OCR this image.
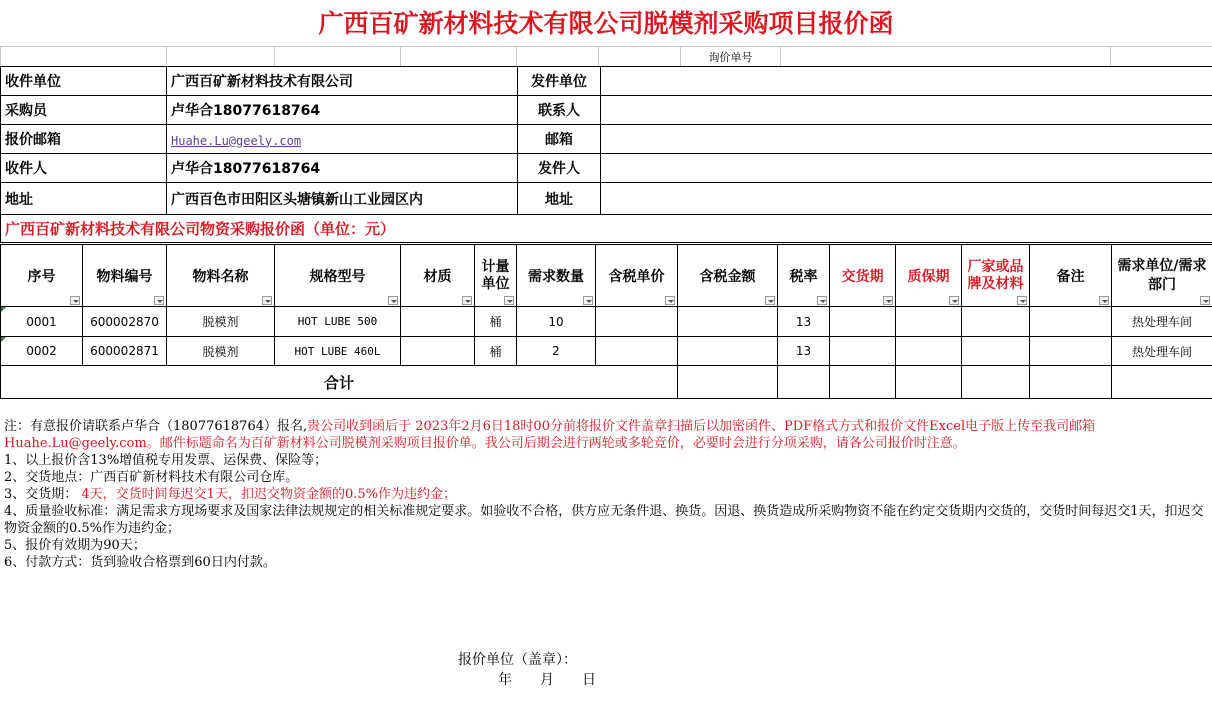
广西百矿新材料技术有限公司脱模剂采购项目报价函
						询价单号		
收件单位	广西百矿新材料技术有限公司	发件单位	
采购员	卢华合18077618764	联系人	
报价邮箱	Huahe.Lu@geely.com	邮箱	
收件人	卢华合18077618764	发件人	
地址	广西百色市田阳区头塘镇新山工业园区内	地址	
广西百矿新材料技术有限公司物资采购报价函（单位：元）			
序号	物料编号	物料名称	规格型号	材质	计量单位	需求数量	含税单价	含税金额	税率	交货期	质保期	厂家或品牌及材料	备注	需求单位/需求部门

0001	600002870	脱模剂	HOT LUBE 500		桶	10			13					热处理车间

0002	600002871	脱模剂	HOT LUBE 460L		桶	2			13					热处理车间
合计														

注：有意报价请联系卢华合（18077618764）报名,贵公司收到函后于 2023年2月6日18时00分前将报价文件盖章扫描后以加密函件、PDF格式方式和报价文件Excel电子版上传至我司邮箱Huahe.Lu@geely.com。邮件标题命名为百矿新材料公司脱模剂采购项目报价单。我公司后期会进行两轮或多轮竞价，必要时会进行分项采购，请各公司报价时注意。

1、以上报价含13%增值税专用发票、运保费、保险等；

2、交货地点：广西百矿新材料技术有限公司仓库。

3、交货期： 4天，交货时间每迟交1天，扣迟交物资金额的0.5%作为违约金；

4、质量验收标准：满足需求方现场要求及国家法律法规规定的相关标准规定要求。如验收不合格，供方应无条件退、换货。因退、换货造成所采购物资不能在约定交货期内交货的，交货时间每迟交1天，扣迟交物资金额的0.5%作为违约金；

5、报价有效期为90天；

6、付款方式：货到验收合格票到60日内付款。

报价单位（盖章）：
年　　月　　日
